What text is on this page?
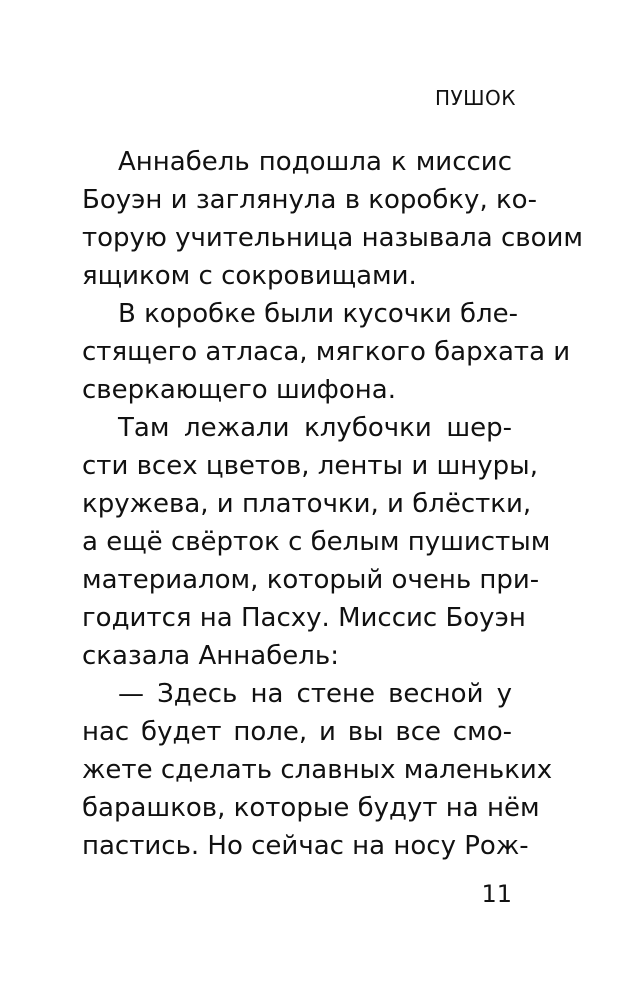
ПУШОК

Аннабель подошла к миссис
Боуэн и заглянула в коробку, ко-
торую учительница называла своим
ящиком с сокровищами.

В коробке были кусочки бле-
стящего атласа, мягкого бархата и
сверкающего шифона.

Там лежали клубочки шер-
сти всех цветов, ленты и шнуры,
кружева, и платочки, и блёстки,
а ещё свёрток с белым пушистым
материалом, который очень при-
годится на Пасху. Миссис Боуэн
сказала Аннабель:

— Здесь на стене весной у
нас будет поле, и вы все смо-
жете сделать славных маленьких
барашков, которые будут на нём
пастись. Но сейчас на носу Рож-

11
